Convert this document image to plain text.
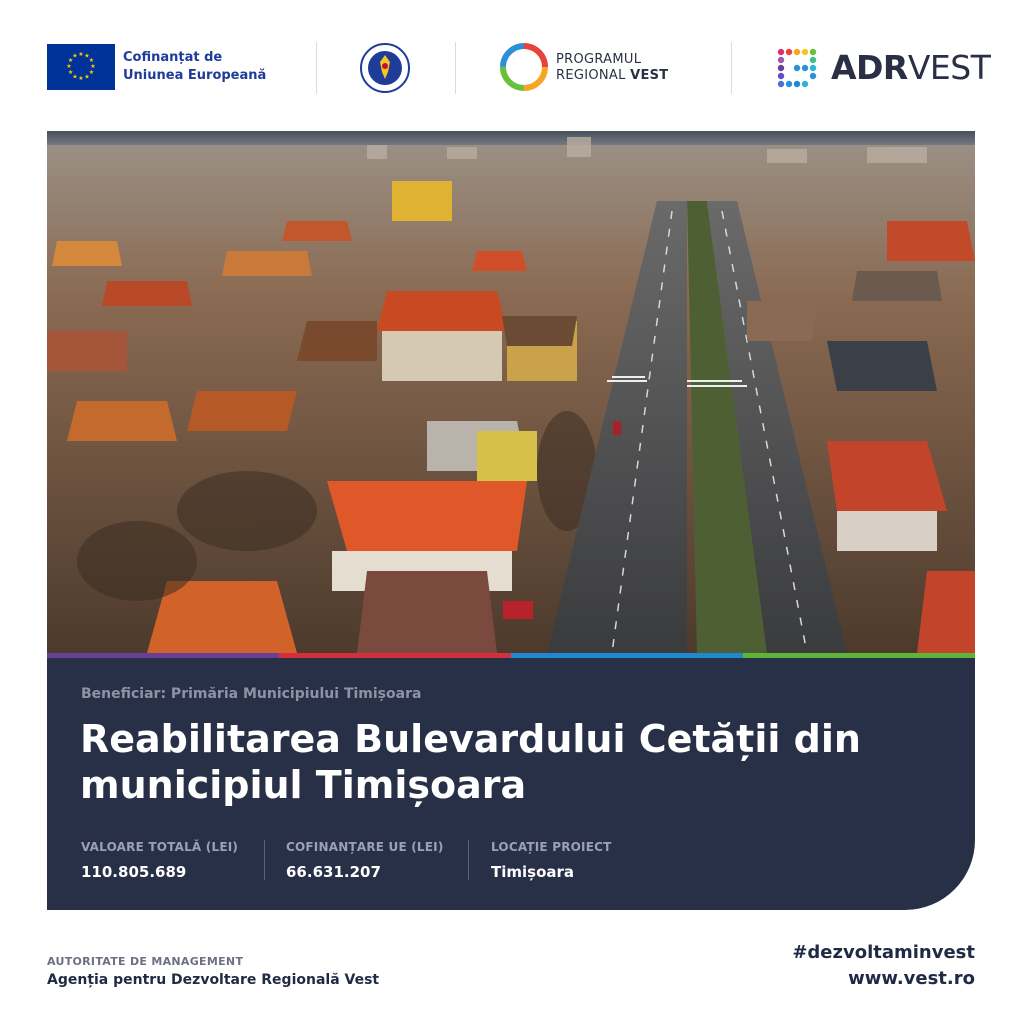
★ ★
★
★
★
★
★
★
★
★
★
★	Cofinanțat de
Uniunea Europeană
PROGRAMUL
REGIONAL VEST	ADRVEST
Beneficiar: Primăria Municipiului Timișoara
Reabilitarea Bulevardului Cetății din municipiul Timișoara
VALOARE TOTALĂ (LEI)
110.805.689
COFINANȚARE UE (LEI)
66.631.207
LOCAȚIE PROIECT
Timișoara
AUTORITATE DE MANAGEMENT
Agenția pentru Dezvoltare Regională Vest
#dezvoltaminvest
www.vest.ro
